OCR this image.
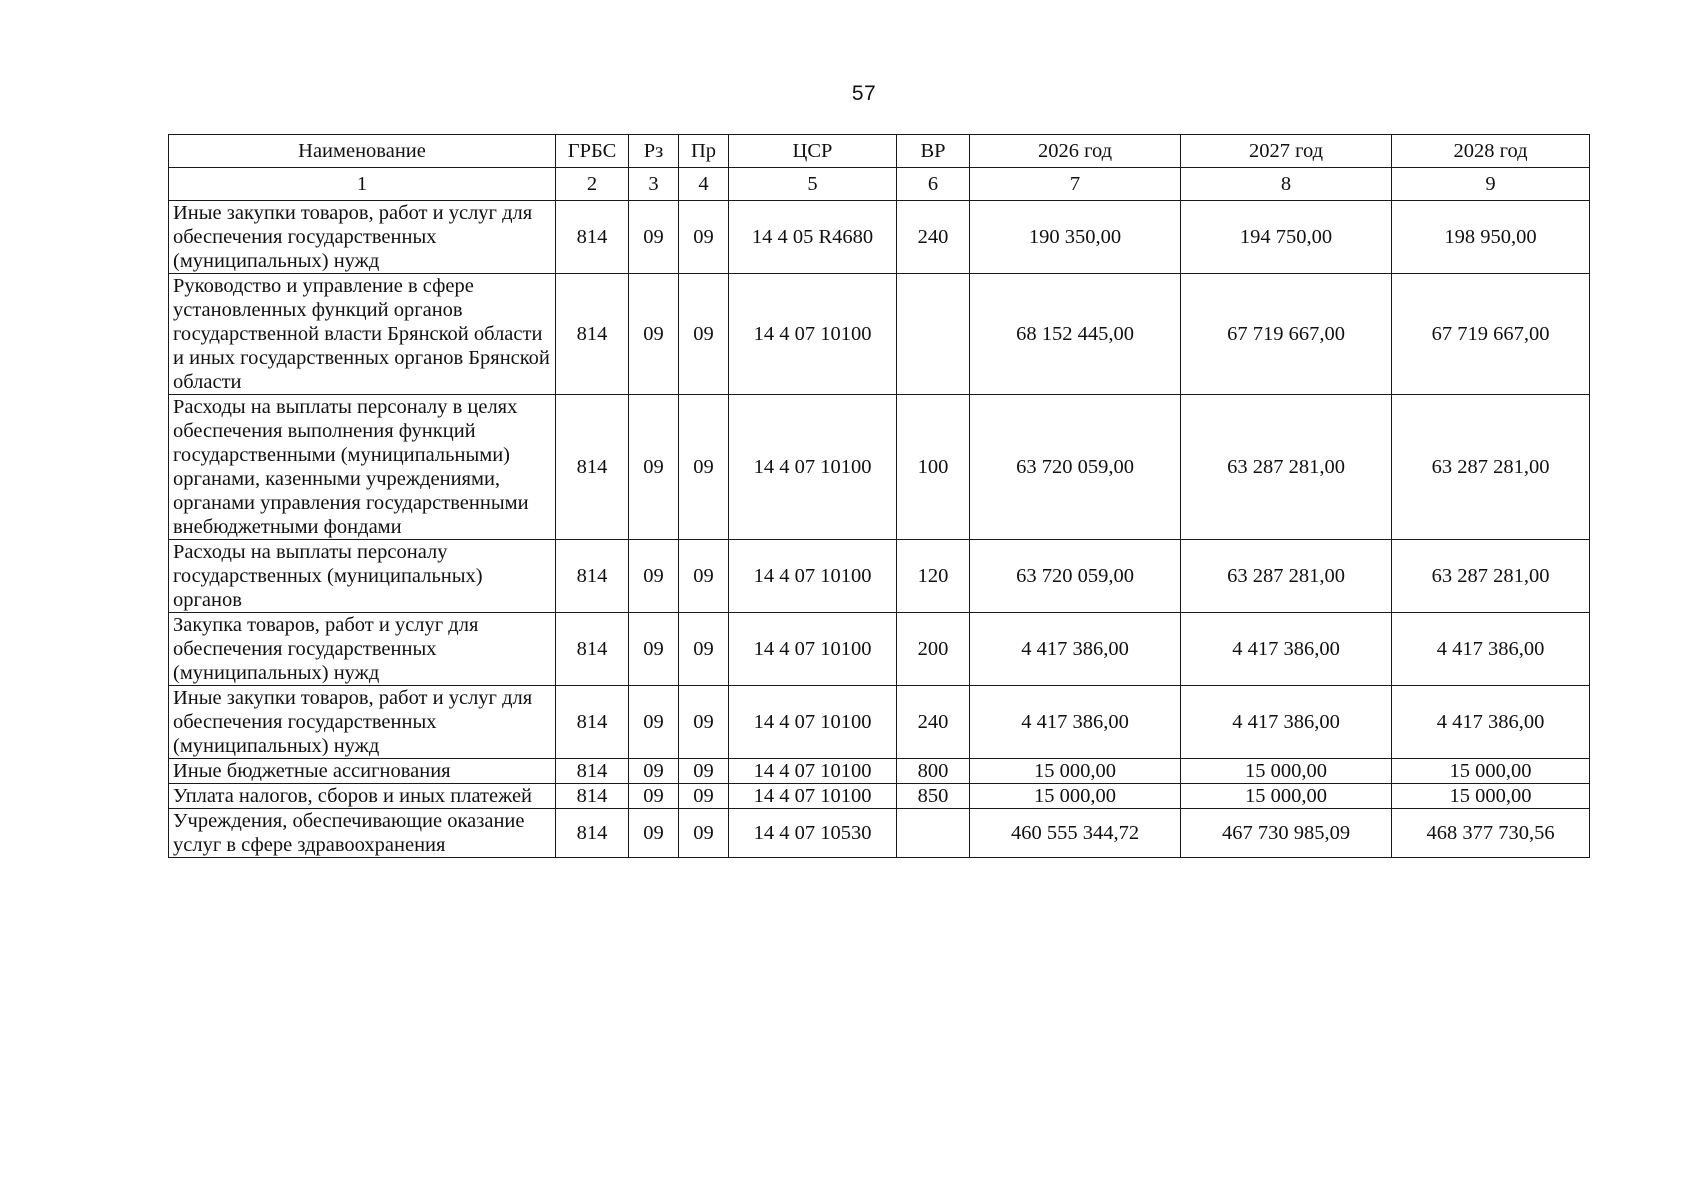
57
Наименование	ГРБС	Рз	Пр	ЦСР	ВР	2026 год	2027 год	2028 год
1	2	3	4	5	6	7	8	9
Иные закупки товаров, работ и услуг для обеспечения государственных (муниципальных) нужд	814	09	09	14 4 05 R4680	240	190 350,00	194 750,00	198 950,00
Руководство и управление в сфере установленных функций органов государственной власти Брянской области и иных государственных органов Брянской области	814	09	09	14 4 07 10100		68 152 445,00	67 719 667,00	67 719 667,00
Расходы на выплаты персоналу в целях обеспечения выполнения функций государственными (муниципальными) органами, казенными учреждениями, органами управления государственными внебюджетными фондами	814	09	09	14 4 07 10100	100	63 720 059,00	63 287 281,00	63 287 281,00
Расходы на выплаты персоналу государственных (муниципальных) органов	814	09	09	14 4 07 10100	120	63 720 059,00	63 287 281,00	63 287 281,00
Закупка товаров, работ и услуг для обеспечения государственных (муниципальных) нужд	814	09	09	14 4 07 10100	200	4 417 386,00	4 417 386,00	4 417 386,00
Иные закупки товаров, работ и услуг для обеспечения государственных (муниципальных) нужд	814	09	09	14 4 07 10100	240	4 417 386,00	4 417 386,00	4 417 386,00
Иные бюджетные ассигнования	814	09	09	14 4 07 10100	800	15 000,00	15 000,00	15 000,00
Уплата налогов, сборов и иных платежей	814	09	09	14 4 07 10100	850	15 000,00	15 000,00	15 000,00
Учреждения, обеспечивающие оказание услуг в сфере здравоохранения	814	09	09	14 4 07 10530		460 555 344,72	467 730 985,09	468 377 730,56
